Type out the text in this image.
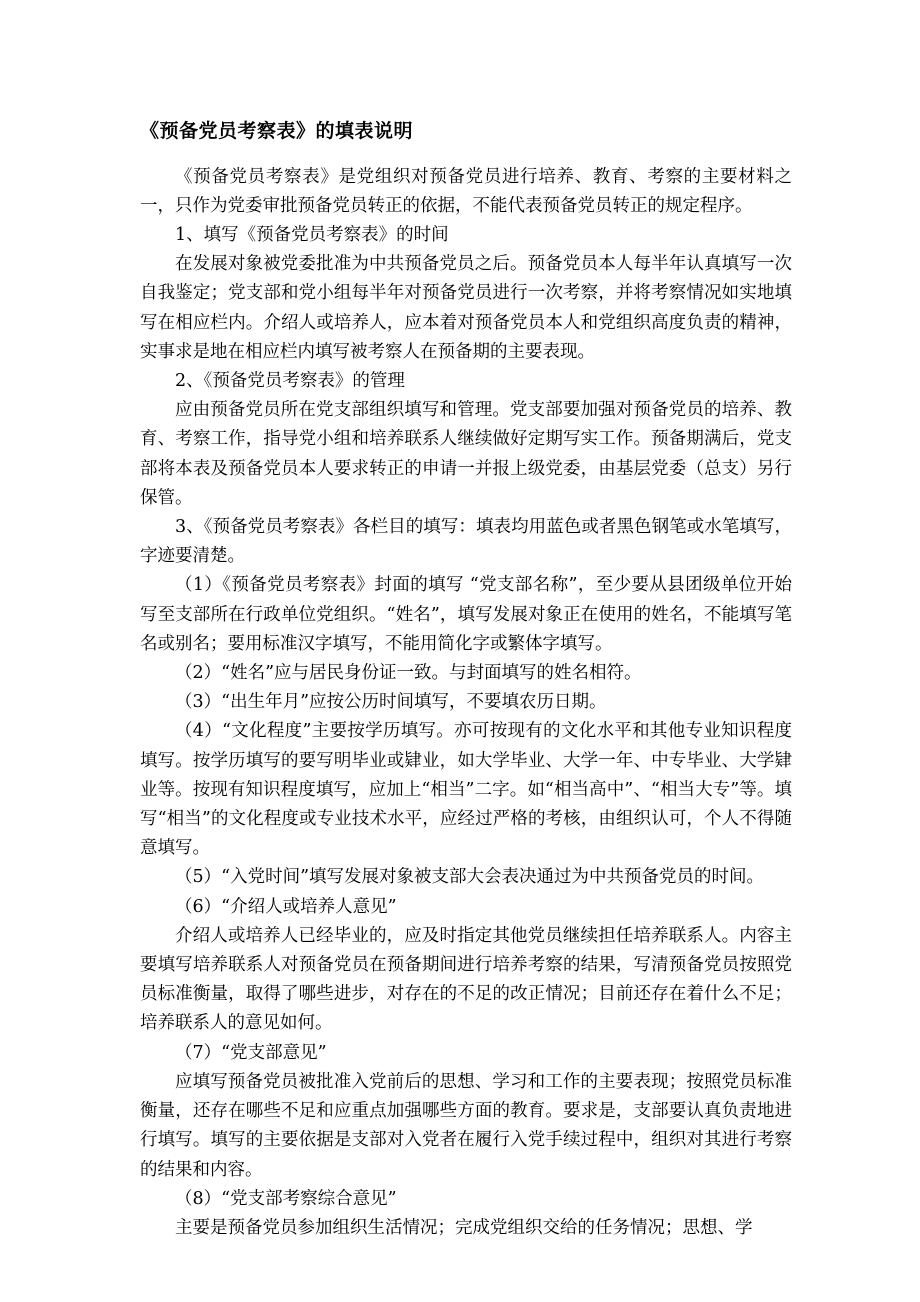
《预备党员考察表》的填表说明

《预备党员考察表》是党组织对预备党员进行培养、教育、考察的主要材料之一，只作为党委审批预备党员转正的依据，不能代表预备党员转正的规定程序。

1、填写《预备党员考察表》的时间

在发展对象被党委批准为中共预备党员之后。预备党员本人每半年认真填写一次自我鉴定；党支部和党小组每半年对预备党员进行一次考察，并将考察情况如实地填写在相应栏内。介绍人或培养人，应本着对预备党员本人和党组织高度负责的精神，实事求是地在相应栏内填写被考察人在预备期的主要表现。

2、《预备党员考察表》的管理

应由预备党员所在党支部组织填写和管理。党支部要加强对预备党员的培养、教育、考察工作，指导党小组和培养联系人继续做好定期写实工作。预备期满后，党支部将本表及预备党员本人要求转正的申请一并报上级党委，由基层党委（总支）另行保管。

3、《预备党员考察表》各栏目的填写：填表均用蓝色或者黑色钢笔或水笔填写，字迹要清楚。

（1）《预备党员考察表》封面的填写 “党支部名称”，至少要从县团级单位开始写至支部所在行政单位党组织。“姓名”，填写发展对象正在使用的姓名，不能填写笔名或别名；要用标准汉字填写，不能用简化字或繁体字填写。

（2）“姓名”应与居民身份证一致。与封面填写的姓名相符。

（3）“出生年月”应按公历时间填写，不要填农历日期。

（4）“文化程度”主要按学历填写。亦可按现有的文化水平和其他专业知识程度填写。按学历填写的要写明毕业或肄业，如大学毕业、大学一年、中专毕业、大学肄业等。按现有知识程度填写，应加上“相当”二字。如“相当高中”、“相当大专”等。填写“相当”的文化程度或专业技术水平，应经过严格的考核，由组织认可，个人不得随意填写。

（5）“入党时间”填写发展对象被支部大会表决通过为中共预备党员的时间。

（6）“介绍人或培养人意见”

介绍人或培养人已经毕业的，应及时指定其他党员继续担任培养联系人。内容主要填写培养联系人对预备党员在预备期间进行培养考察的结果，写清预备党员按照党员标准衡量，取得了哪些进步，对存在的不足的改正情况；目前还存在着什么不足；培养联系人的意见如何。

（7）“党支部意见”

应填写预备党员被批准入党前后的思想、学习和工作的主要表现；按照党员标准衡量，还存在哪些不足和应重点加强哪些方面的教育。要求是，支部要认真负责地进行填写。填写的主要依据是支部对入党者在履行入党手续过程中，组织对其进行考察的结果和内容。

（8）“党支部考察综合意见”

主要是预备党员参加组织生活情况；完成党组织交给的任务情况；思想、学
